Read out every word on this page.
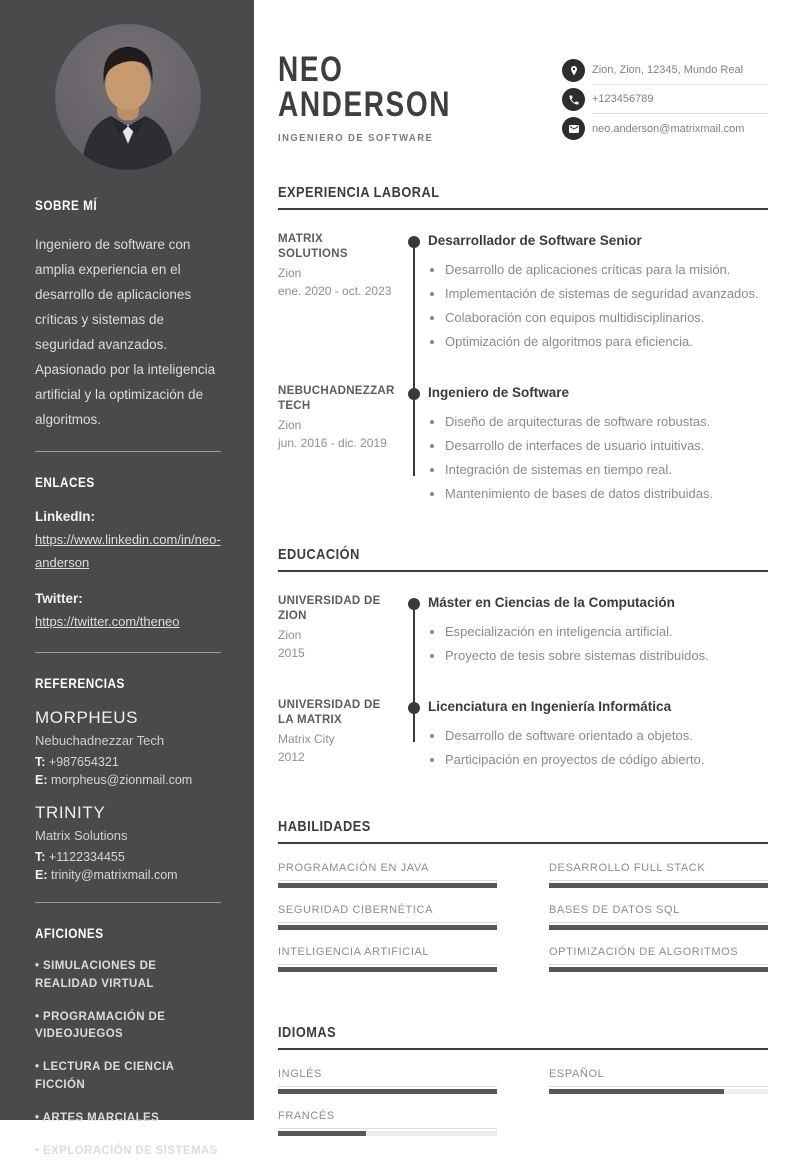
SOBRE MÍ

Ingeniero de software con amplia experiencia en el desarrollo de aplicaciones críticas y sistemas de seguridad avanzados. Apasionado por la inteligencia artificial y la optimización de algoritmos.

ENLACES
LinkedIn:
https://www.linkedin.com/in/neo-anderson
Twitter:
https://twitter.com/theneo
REFERENCIAS
MORPHEUS
Nebuchadnezzar Tech
T: +987654321
E: morpheus@zionmail.com
TRINITY
Matrix Solutions
T: +1122334455
E: trinity@matrixmail.com
AFICIONES
• SIMULACIONES DE REALIDAD VIRTUAL
• PROGRAMACIÓN DE VIDEOJUEGOS
• LECTURA DE CIENCIA FICCIÓN
• ARTES MARCIALES
• EXPLORACIÓN DE SISTEMAS
NEO
ANDERSON
INGENIERO DE SOFTWARE
Zion, Zion, 12345, Mundo Real
+123456789
neo.anderson@matrixmail.com
EXPERIENCIA LABORAL
MATRIX SOLUTIONS
Zion
ene. 2020 - oct. 2023
Desarrollador de Software Senior
• Desarrollo de aplicaciones críticas para la misión.
• Implementación de sistemas de seguridad avanzados.
• Colaboración con equipos multidisciplinarios.
• Optimización de algoritmos para eficiencia.
NEBUCHADNEZZAR TECH
Zion
jun. 2016 - dic. 2019
Ingeniero de Software
• Diseño de arquitecturas de software robustas.
• Desarrollo de interfaces de usuario intuitivas.
• Integración de sistemas en tiempo real.
• Mantenimiento de bases de datos distribuidas.
EDUCACIÓN
UNIVERSIDAD DE ZION
Zion
2015
Máster en Ciencias de la Computación
• Especialización en inteligencia artificial.
• Proyecto de tesis sobre sistemas distribuidos.
UNIVERSIDAD DE LA MATRIX
Matrix City
2012
Licenciatura en Ingeniería Informática
• Desarrollo de software orientado a objetos.
• Participación en proyectos de código abierto.
HABILIDADES
PROGRAMACIÓN EN JAVA	DESARROLLO FULL STACK
SEGURIDAD CIBERNÉTICA	BASES DE DATOS SQL
INTELIGENCIA ARTIFICIAL	OPTIMIZACIÓN DE ALGORITMOS
IDIOMAS
INGLÉS	ESPAÑOL
FRANCÉS
